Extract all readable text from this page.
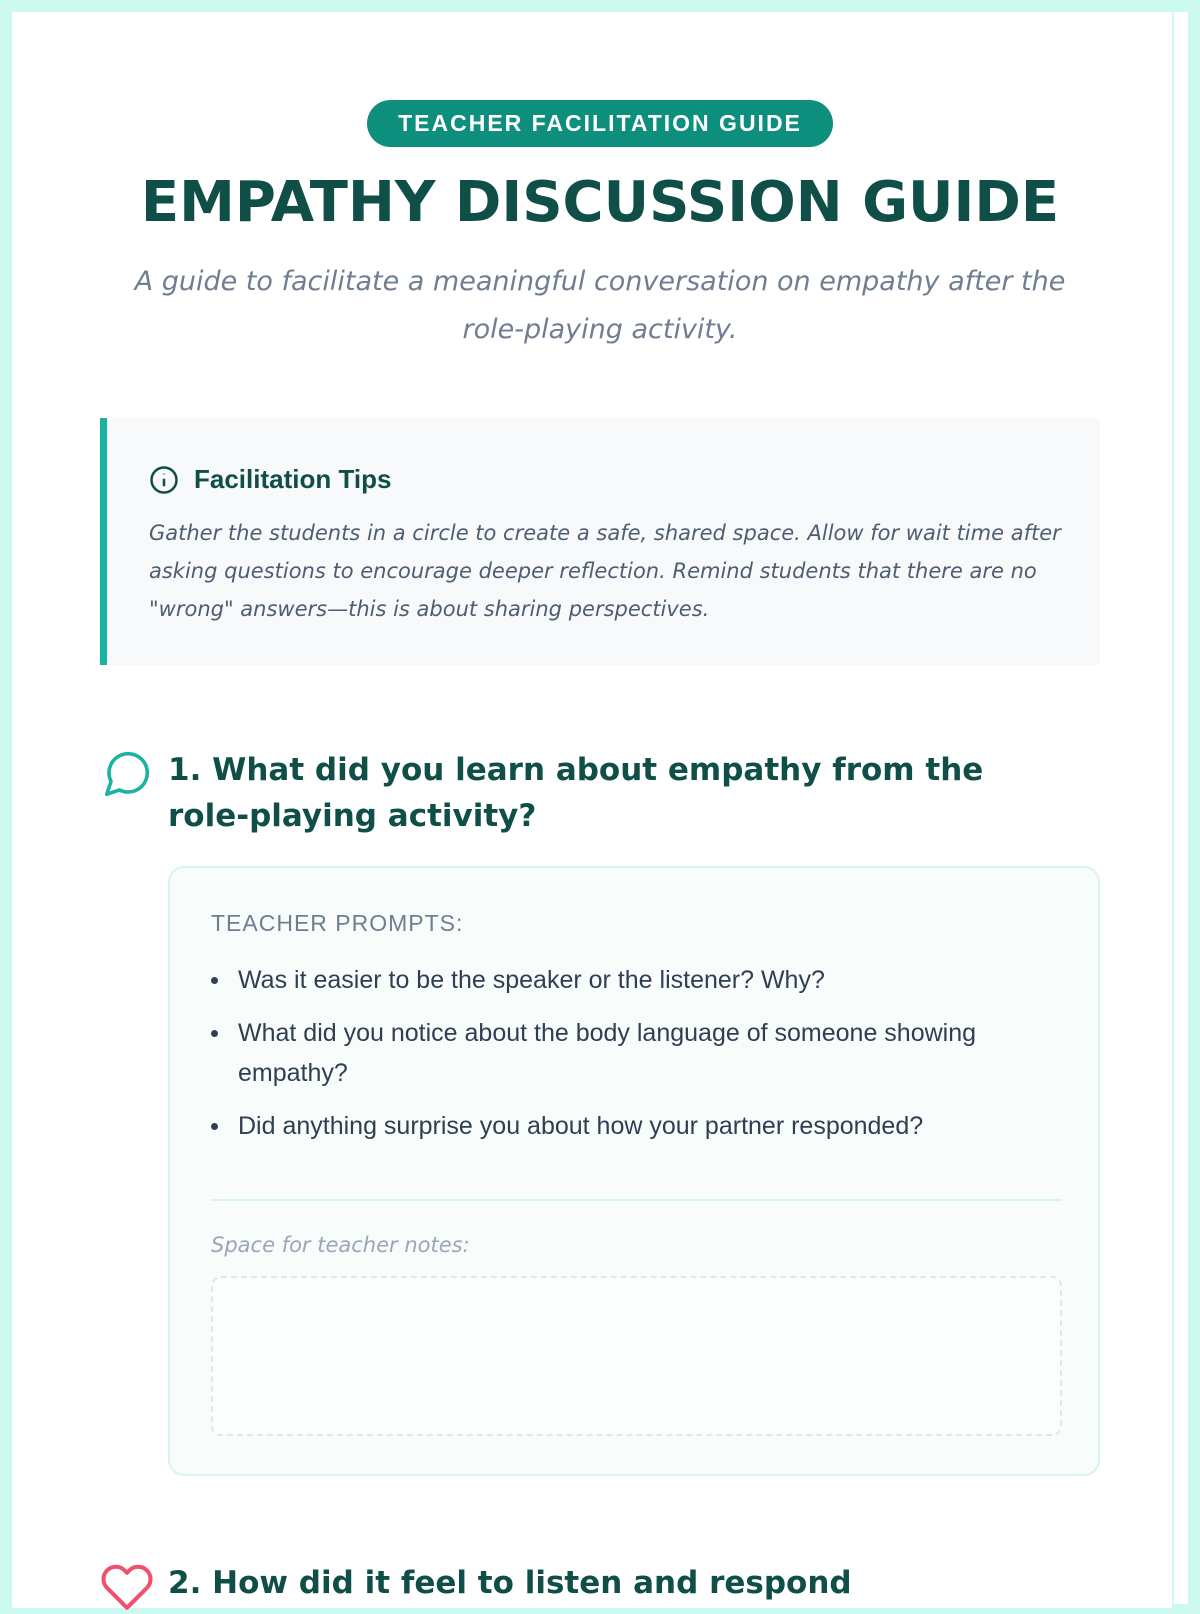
TEACHER FACILITATION GUIDE
EMPATHY DISCUSSION GUIDE

A guide to facilitate a meaningful conversation on empathy after the role-playing activity.

Facilitation Tips

Gather the students in a circle to create a safe, shared space. Allow for wait time after asking questions to encourage deeper reflection. Remind students that there are no "wrong" answers—this is about sharing perspectives.

1. What did you learn about empathy from the role-playing activity?
TEACHER PROMPTS:
Was it easier to be the speaker or the listener? Why?
What did you notice about the body language of someone showing empathy?
Did anything surprise you about how your partner responded?
Space for teacher notes:
2. How did it feel to listen and respond
